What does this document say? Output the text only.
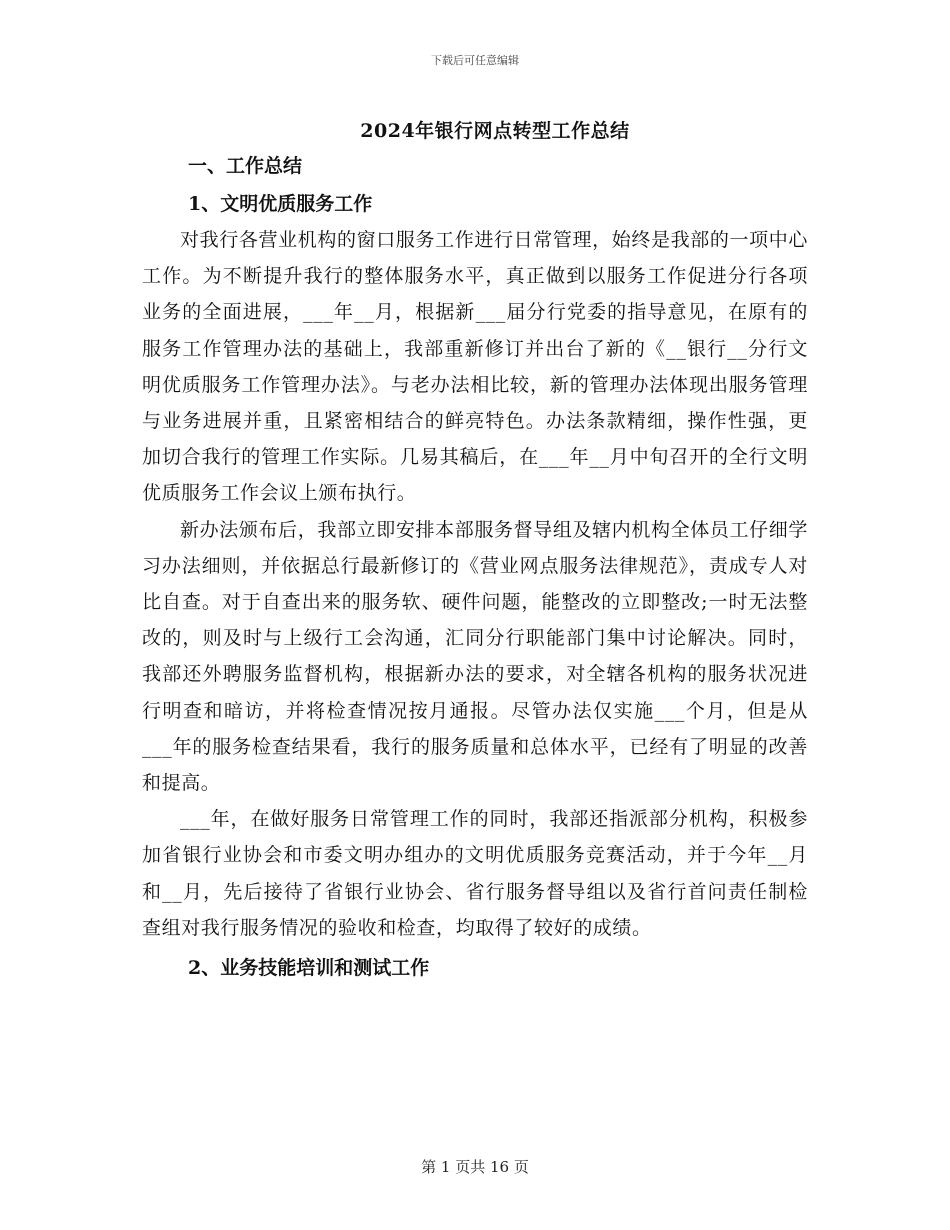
下载后可任意编辑
2024年银行网点转型工作总结
一、工作总结
1、文明优质服务工作

对我行各营业机构的窗口服务工作进行日常管理，始终是我部的一项中心工作。为不断提升我行的整体服务水平，真正做到以服务工作促进分行各项业务的全面进展，___年__月，根据新___届分行党委的指导意见，在原有的服务工作管理办法的基础上，我部重新修订并出台了新的《__银行__分行文明优质服务工作管理办法》。与老办法相比较，新的管理办法体现出服务管理与业务进展并重，且紧密相结合的鲜亮特色。办法条款精细，操作性强，更加切合我行的管理工作实际。几易其稿后，在___年__月中旬召开的全行文明优质服务工作会议上颁布执行。

新办法颁布后，我部立即安排本部服务督导组及辖内机构全体员工仔细学习办法细则，并依据总行最新修订的《营业网点服务法律规范》，责成专人对比自查。对于自查出来的服务软、硬件问题，能整改的立即整改;一时无法整改的，则及时与上级行工会沟通，汇同分行职能部门集中讨论解决。同时，我部还外聘服务监督机构，根据新办法的要求，对全辖各机构的服务状况进行明查和暗访，并将检查情况按月通报。尽管办法仅实施___个月，但是从___年的服务检查结果看，我行的服务质量和总体水平，已经有了明显的改善和提高。

___年，在做好服务日常管理工作的同时，我部还指派部分机构，积极参加省银行业协会和市委文明办组办的文明优质服务竞赛活动，并于今年__月和__月，先后接待了省银行业协会、省行服务督导组以及省行首问责任制检查组对我行服务情况的验收和检查，均取得了较好的成绩。

2、业务技能培训和测试工作
第 1 页共 16 页
